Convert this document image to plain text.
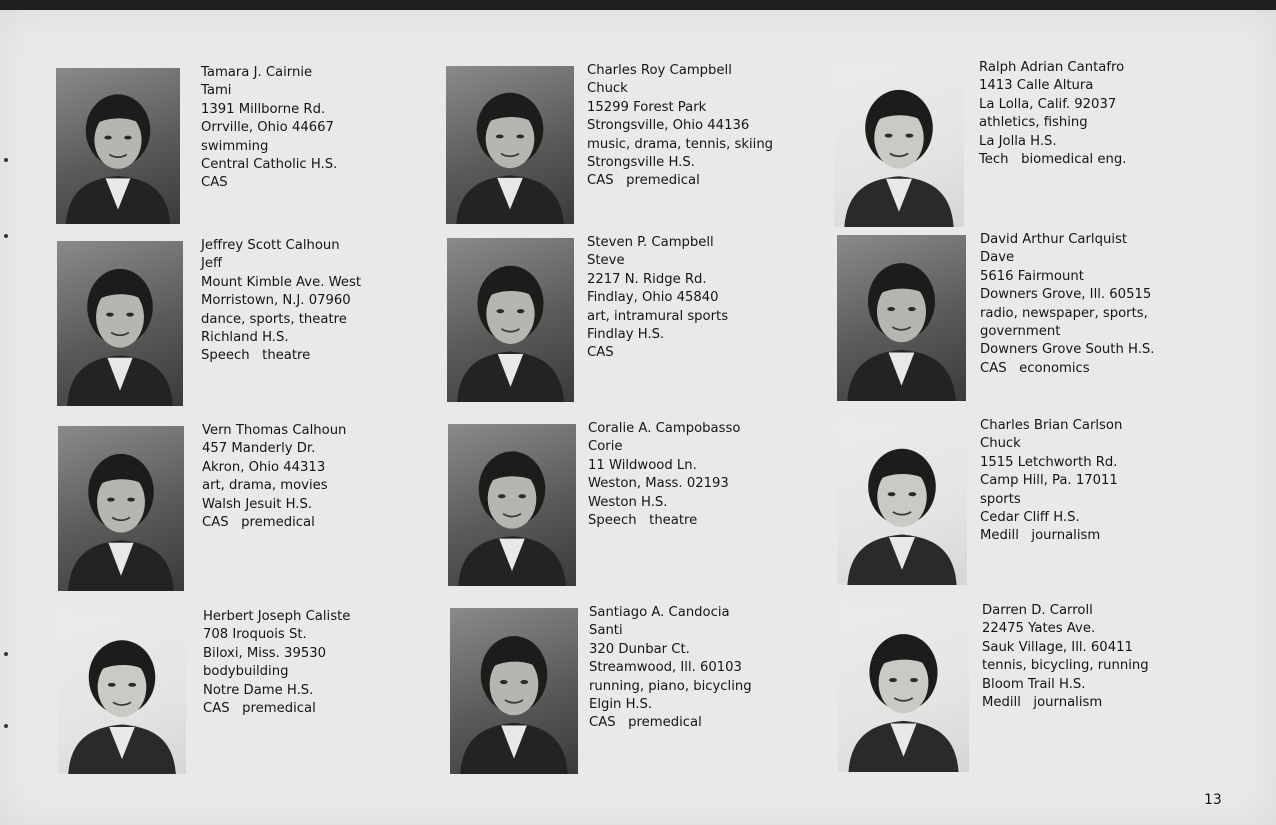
Tamara J. Cairnie
Tami
1391 Millborne Rd.
Orrville, Ohio 44667
swimming
Central Catholic H.S.
CAS
Charles Roy Campbell
Chuck
15299 Forest Park
Strongsville, Ohio 44136
music, drama, tennis, skiing
Strongsville H.S.
CAS   premedical
Ralph Adrian Cantafro
1413 Calle Altura
La Lolla, Calif. 92037
athletics, fishing
La Jolla H.S.
Tech   biomedical eng.
Jeffrey Scott Calhoun
Jeff
Mount Kimble Ave. West
Morristown, N.J. 07960
dance, sports, theatre
Richland H.S.
Speech   theatre
Steven P. Campbell
Steve
2217 N. Ridge Rd.
Findlay, Ohio 45840
art, intramural sports
Findlay H.S.
CAS
David Arthur Carlquist
Dave
5616 Fairmount
Downers Grove, Ill. 60515
radio, newspaper, sports,
government
Downers Grove South H.S.
CAS   economics
Vern Thomas Calhoun
457 Manderly Dr.
Akron, Ohio 44313
art, drama, movies
Walsh Jesuit H.S.
CAS   premedical
Coralie A. Campobasso
Corie
11 Wildwood Ln.
Weston, Mass. 02193
Weston H.S.
Speech   theatre
Charles Brian Carlson
Chuck
1515 Letchworth Rd.
Camp Hill, Pa. 17011
sports
Cedar Cliff H.S.
Medill   journalism
Herbert Joseph Caliste
708 Iroquois St.
Biloxi, Miss. 39530
bodybuilding
Notre Dame H.S.
CAS   premedical
Santiago A. Candocia
Santi
320 Dunbar Ct.
Streamwood, Ill. 60103
running, piano, bicycling
Elgin H.S.
CAS   premedical
Darren D. Carroll
22475 Yates Ave.
Sauk Village, Ill. 60411
tennis, bicycling, running
Bloom Trail H.S.
Medill   journalism
13
